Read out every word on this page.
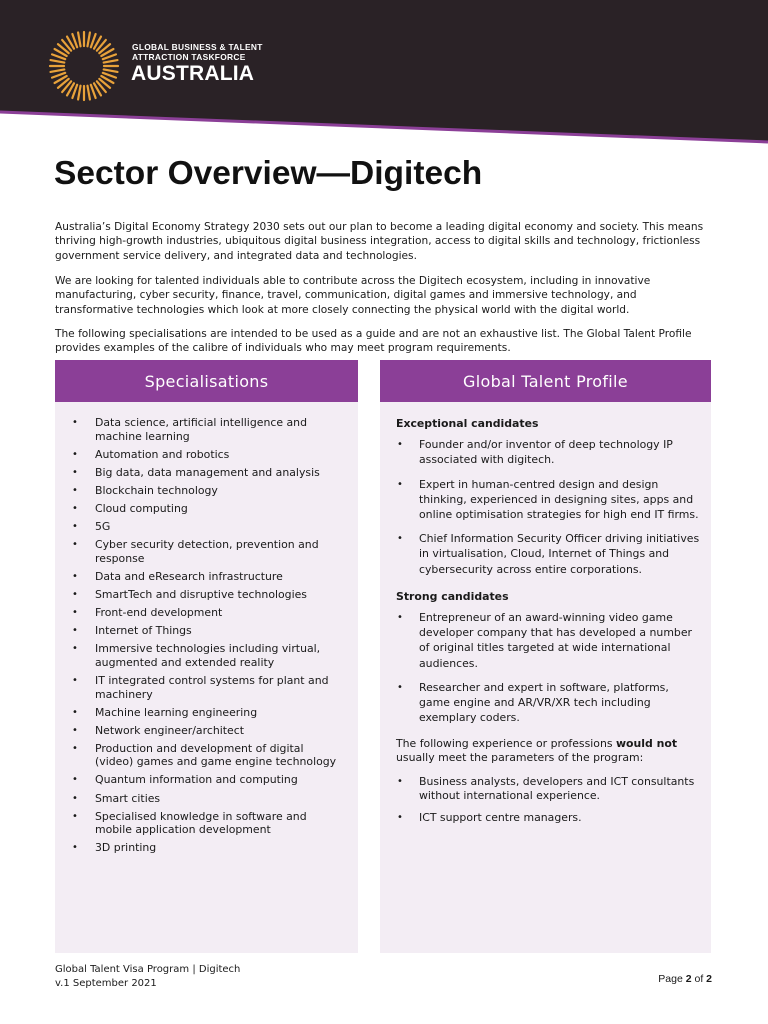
GLOBAL BUSINESS & TALENT
ATTRACTION TASKFORCE
AUSTRALIA
Sector Overview—Digitech

Australia’s Digital Economy Strategy 2030 sets out our plan to become a leading digital economy and society. This means thriving high-growth industries, ubiquitous digital business integration, access to digital skills and technology, frictionless government service delivery, and integrated data and technologies.

We are looking for talented individuals able to contribute across the Digitech ecosystem, including in innovative manufacturing, cyber security, finance, travel, communication, digital games and immersive technology, and transformative technologies which look at more closely connecting the physical world with the digital world.

The following specialisations are intended to be used as a guide and are not an exhaustive list. The Global Talent Profile provides examples of the calibre of individuals who may meet program requirements.

Specialisations
• Data science, artificial intelligence and machine learning
• Automation and robotics
• Big data, data management and analysis
• Blockchain technology
• Cloud computing
• 5G
• Cyber security detection, prevention and response
• Data and eResearch infrastructure
• SmartTech and disruptive technologies
• Front-end development
• Internet of Things
• Immersive technologies including virtual, augmented and extended reality
• IT integrated control systems for plant and machinery
• Machine learning engineering
• Network engineer/architect
• Production and development of digital (video) games and game engine technology
• Quantum information and computing
• Smart cities
• Specialised knowledge in software and mobile application development
• 3D printing
Global Talent Profile
Exceptional candidates
• Founder and/or inventor of deep technology IP associated with digitech.
• Expert in human-centred design and design thinking, experienced in designing sites, apps and online optimisation strategies for high end IT firms.
• Chief Information Security Officer driving initiatives in virtualisation, Cloud, Internet of Things and cybersecurity across entire corporations.
Strong candidates
• Entrepreneur of an award-winning video game developer company that has developed a number of original titles targeted at wide international audiences.
• Researcher and expert in software, platforms, game engine and AR/VR/XR tech including exemplary coders.

The following experience or professions would not usually meet the parameters of the program:

• Business analysts, developers and ICT consultants without international experience.
• ICT support centre managers.
Global Talent Visa Program | Digitech
v.1 September 2021	Page 2 of 2
